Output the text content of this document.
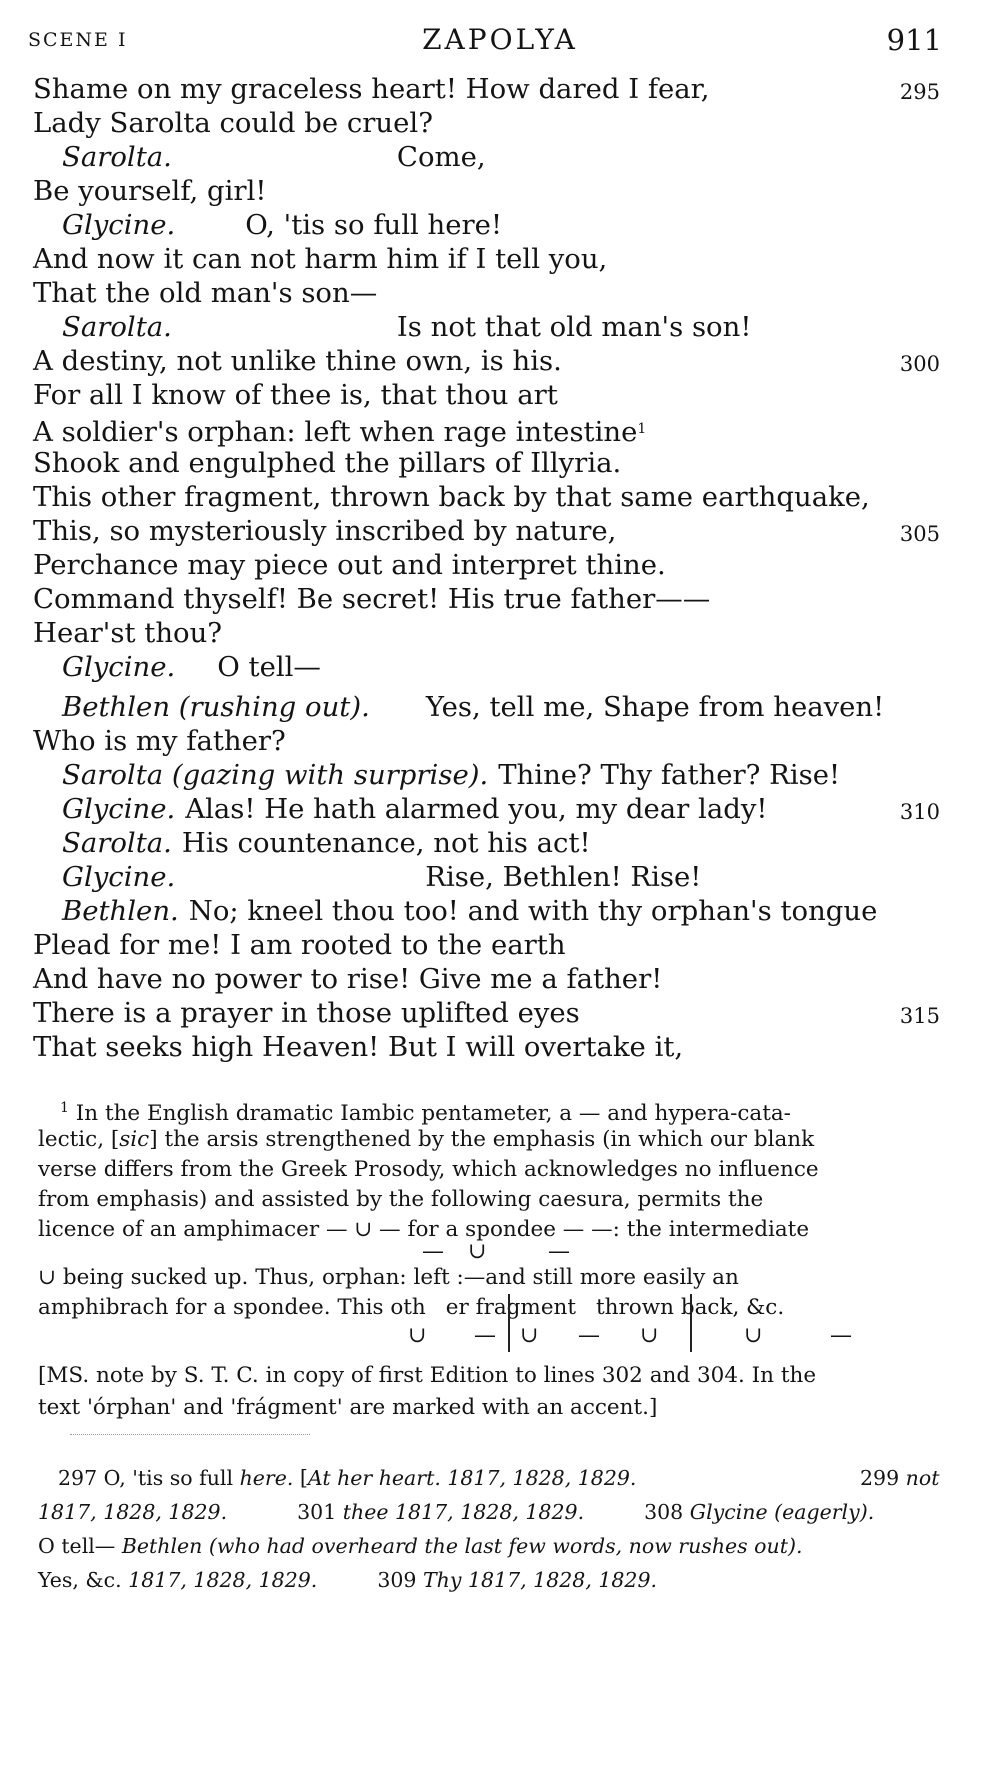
SCENE I	ZAPOLYA	911
Shame on my graceless heart! How dared I fear,	295
Lady Sarolta could be cruel?
Sarolta.	Come,
Be yourself, girl!
Glycine.	O, 'tis so full here!
And now it can not harm him if I tell you,
That the old man's son—
Sarolta.	Is not that old man's son!
A destiny, not unlike thine own, is his.	300
For all I know of thee is, that thou art
A soldier's orphan: left when rage intestine$^1$
Shook and engulphed the pillars of Illyria.
This other fragment, thrown back by that same earthquake,
This, so mysteriously inscribed by nature,	305
Perchance may piece out and interpret thine.
Command thyself! Be secret! His true father——
Hear'st thou?
Glycine. O tell—
Bethlen (rushing out). Yes, tell me, Shape from heaven!
Who is my father?
Sarolta (gazing with surprise). Thine? Thy father? Rise!
Glycine. Alas! He hath alarmed you, my dear lady!	310
Sarolta. His countenance, not his act!
Glycine.	Rise, Bethlen! Rise!
Bethlen. No; kneel thou too! and with thy orphan's tongue
Plead for me! I am rooted to the earth
And have no power to rise! Give me a father!
There is a prayer in those uplifted eyes	315
That seeks high Heaven! But I will overtake it,
$^1$ In the English dramatic Iambic pentameter, a — and hypera-cata-
lectic, [sic] the arsis strengthened by the emphasis (in which our blank
verse differs from the Greek Prosody, which acknowledges no influence
from emphasis) and assisted by the following caesura, permits the
licence of an amphimacer — ∪ — for a spondee — —: the intermediate
— ∪	—
∪ being sucked up. Thus, orphan: left :—and still more easily an
amphibrach for a spondee. This oth er fragment thrown back, &c.
∪ — ∪ — ∪	∪	—
[MS. note by S. T. C. in copy of first Edition to lines 302 and 304. In the
text 'órphan' and 'frágment' are marked with an accent.]
297 O, 'tis so full here. [At her heart. 1817, 1828, 1829.	299 not
1817, 1828, 1829.	301 thee 1817, 1828, 1829.	308 Glycine (eagerly).
O tell— Bethlen (who had overheard the last few words, now rushes out).
Yes, &c. 1817, 1828, 1829.	309 Thy 1817, 1828, 1829.
